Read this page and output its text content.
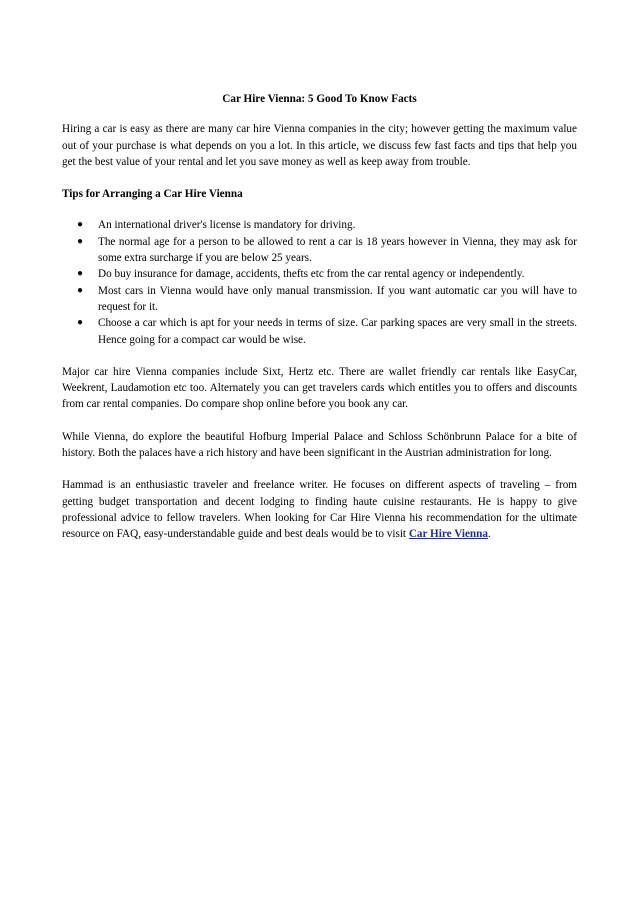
Car Hire Vienna: 5 Good To Know Facts

Hiring a car is easy as there are many car hire Vienna companies in the city; however getting the maximum value out of your purchase is what depends on you a lot. In this article, we discuss few fast facts and tips that help you get the best value of your rental and let you save money as well as keep away from trouble.

Tips for Arranging a Car Hire Vienna
● An international driver's license is mandatory for driving.
● The normal age for a person to be allowed to rent a car is 18 years however in Vienna, they may ask for some extra surcharge if you are below 25 years.
● Do buy insurance for damage, accidents, thefts etc from the car rental agency or independently.
● Most cars in Vienna would have only manual transmission. If you want automatic car you will have to request for it.
● Choose a car which is apt for your needs in terms of size. Car parking spaces are very small in the streets. Hence going for a compact car would be wise.

Major car hire Vienna companies include Sixt, Hertz etc. There are wallet friendly car rentals like EasyCar, Weekrent, Laudamotion etc too. Alternately you can get travelers cards which entitles you to offers and discounts from car rental companies. Do compare shop online before you book any car.

While Vienna, do explore the beautiful Hofburg Imperial Palace and Schloss Schönbrunn Palace for a bite of history. Both the palaces have a rich history and have been significant in the Austrian administration for long.

Hammad is an enthusiastic traveler and freelance writer. He focuses on different aspects of traveling – from getting budget transportation and decent lodging to finding haute cuisine restaurants. He is happy to give professional advice to fellow travelers. When looking for Car Hire Vienna his recommendation for the ultimate resource on FAQ, easy-understandable guide and best deals would be to visit Car Hire Vienna.
